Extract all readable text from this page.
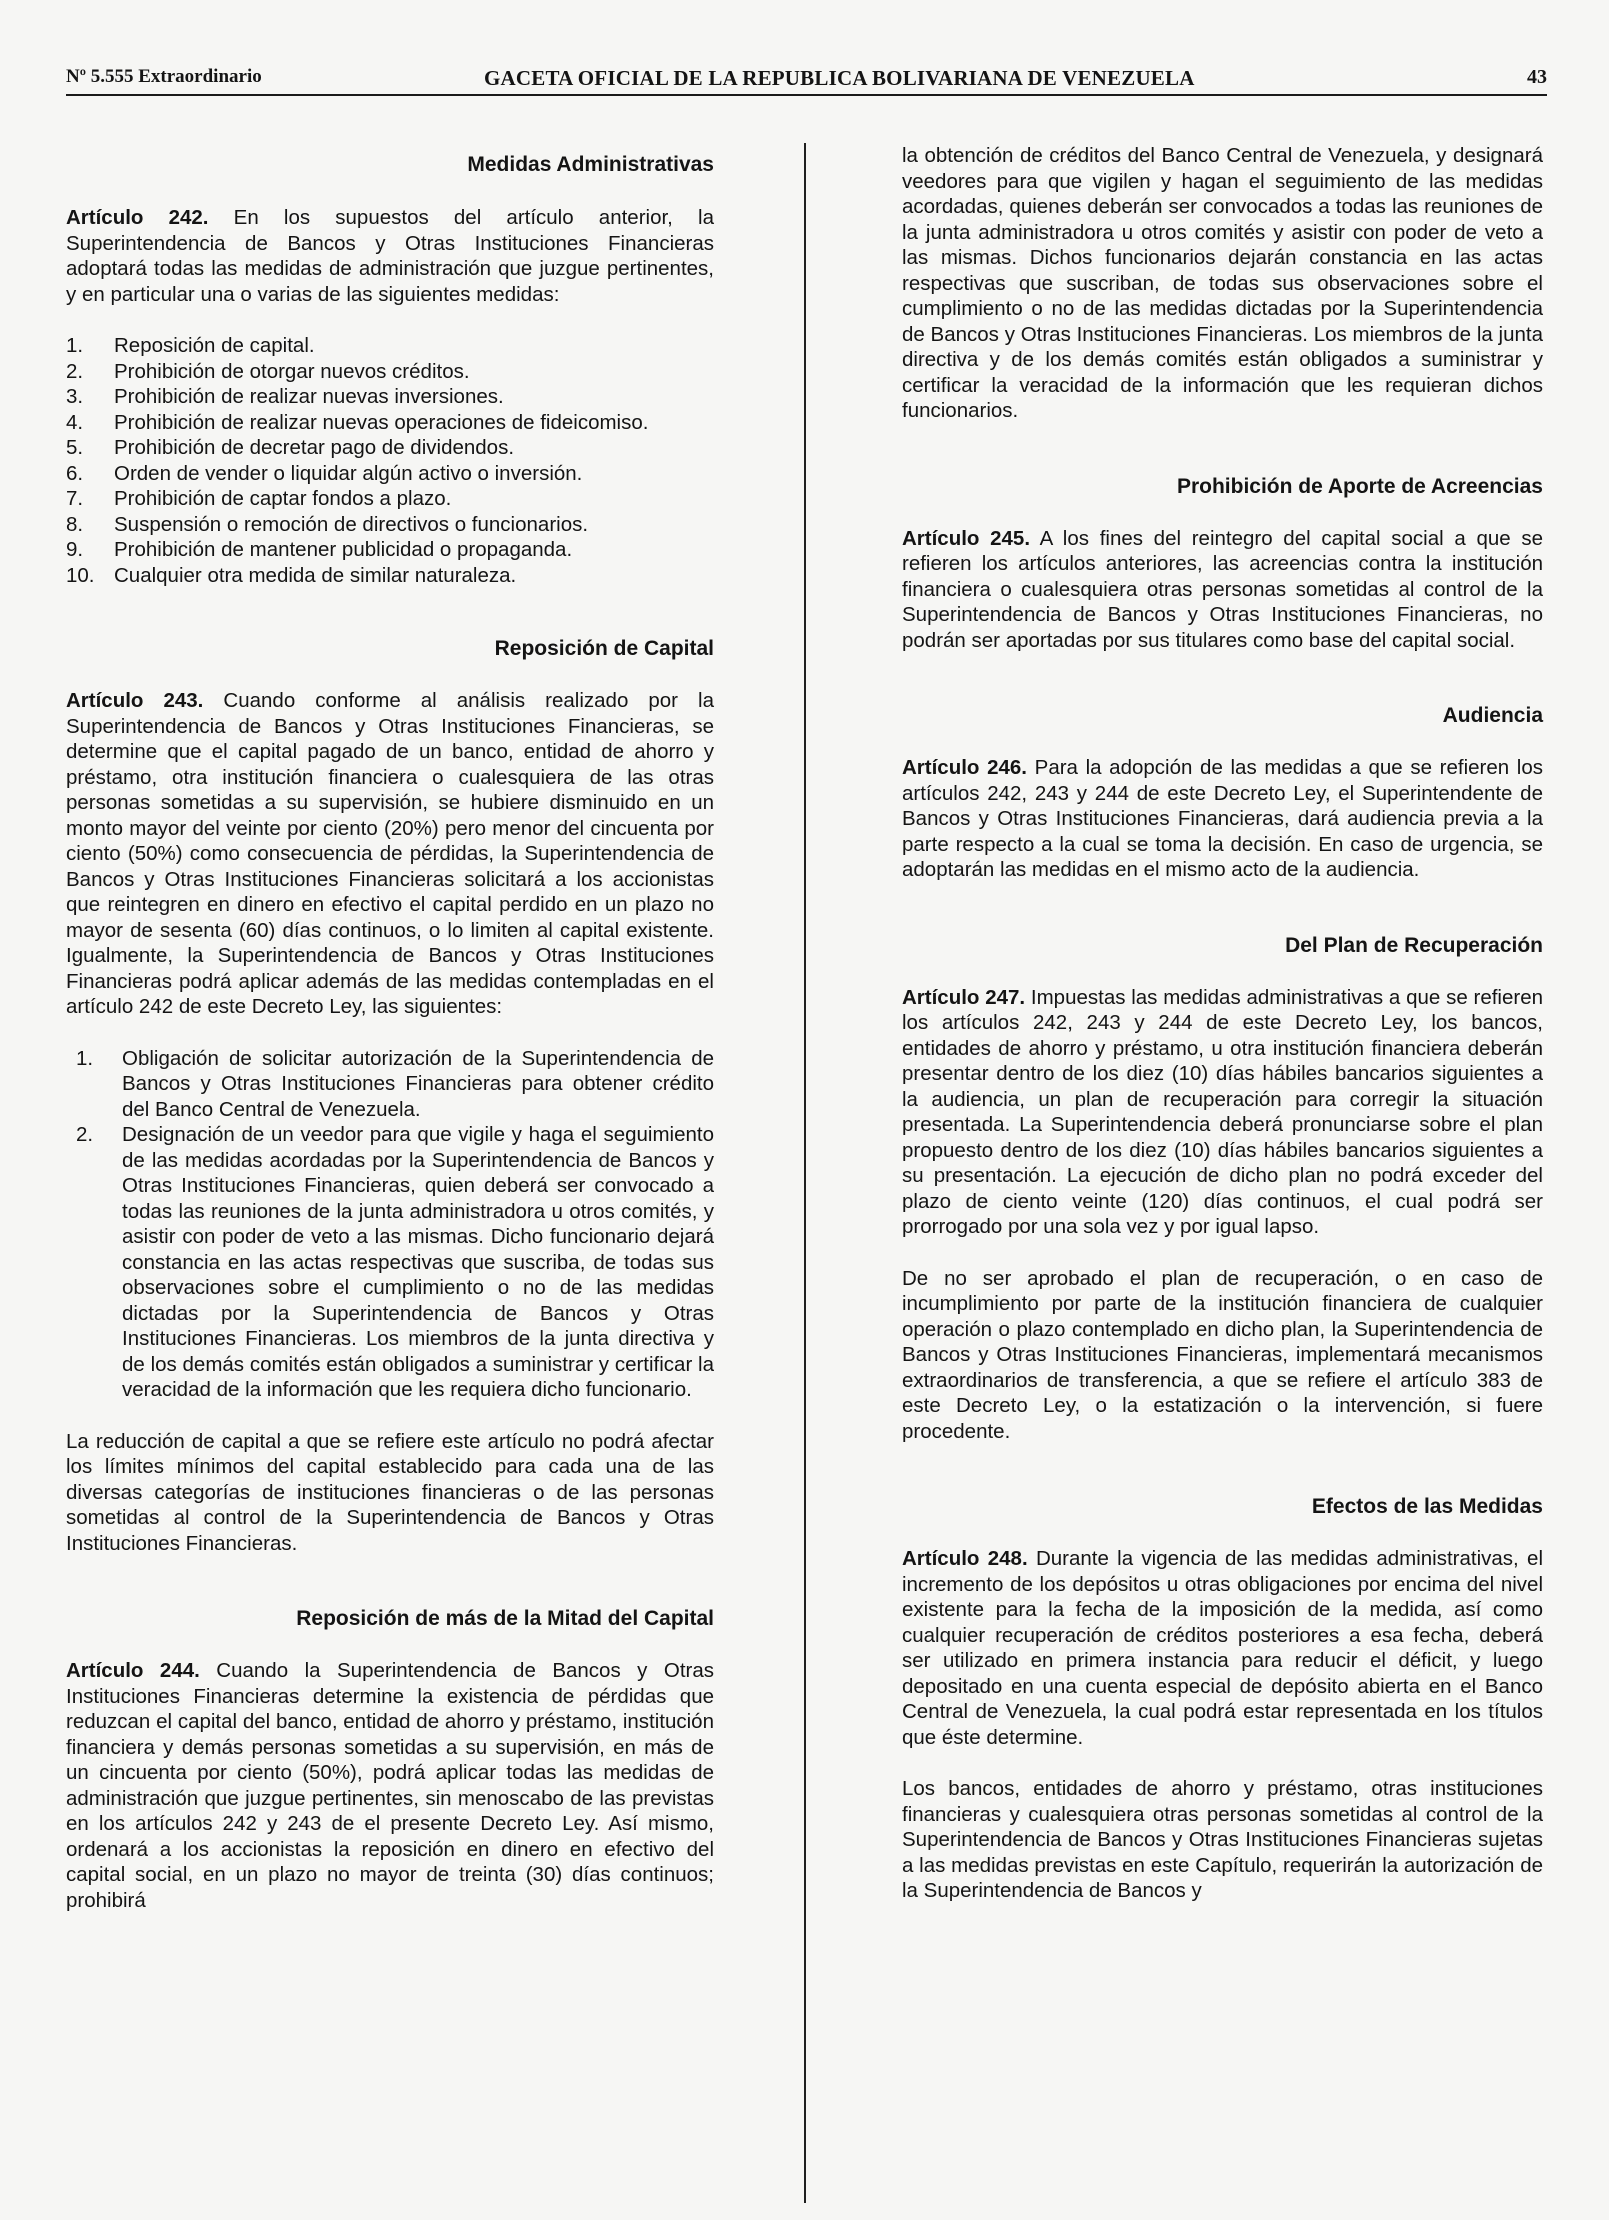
Nº 5.555 Extraordinario	GACETA OFICIAL DE LA REPUBLICA BOLIVARIANA DE VENEZUELA	43

Medidas Administrativas

Artículo 242. En los supuestos del artículo anterior, la Superintendencia de Bancos y Otras Instituciones Financieras adoptará todas las medidas de administración que juzgue pertinentes, y en particular una o varias de las siguientes medidas:

1. Reposición de capital.
2. Prohibición de otorgar nuevos créditos.
3. Prohibición de realizar nuevas inversiones.
4. Prohibición de realizar nuevas operaciones de fideicomiso.
5. Prohibición de decretar pago de dividendos.
6. Orden de vender o liquidar algún activo o inversión.
7. Prohibición de captar fondos a plazo.
8. Suspensión o remoción de directivos o funcionarios.
9. Prohibición de mantener publicidad o propaganda.
10. Cualquier otra medida de similar naturaleza.

Reposición de Capital

Artículo 243. Cuando conforme al análisis realizado por la Superintendencia de Bancos y Otras Instituciones Financieras, se determine que el capital pagado de un banco, entidad de ahorro y préstamo, otra institución financiera o cualesquiera de las otras personas sometidas a su supervisión, se hubiere disminuido en un monto mayor del veinte por ciento (20%) pero menor del cincuenta por ciento (50%) como consecuencia de pérdidas, la Superintendencia de Bancos y Otras Instituciones Financieras solicitará a los accionistas que reintegren en dinero en efectivo el capital perdido en un plazo no mayor de sesenta (60) días continuos, o lo limiten al capital existente. Igualmente, la Superintendencia de Bancos y Otras Instituciones Financieras podrá aplicar además de las medidas contempladas en el artículo 242 de este Decreto Ley, las siguientes:

1. Obligación de solicitar autorización de la Superintendencia de Bancos y Otras Instituciones Financieras para obtener crédito del Banco Central de Venezuela.
2. Designación de un veedor para que vigile y haga el seguimiento de las medidas acordadas por la Superintendencia de Bancos y Otras Instituciones Financieras, quien deberá ser convocado a todas las reuniones de la junta administradora u otros comités, y asistir con poder de veto a las mismas. Dicho funcionario dejará constancia en las actas respectivas que suscriba, de todas sus observaciones sobre el cumplimiento o no de las medidas dictadas por la Superintendencia de Bancos y Otras Instituciones Financieras. Los miembros de la junta directiva y de los demás comités están obligados a suministrar y certificar la veracidad de la información que les requiera dicho funcionario.

La reducción de capital a que se refiere este artículo no podrá afectar los límites mínimos del capital establecido para cada una de las diversas categorías de instituciones financieras o de las personas sometidas al control de la Superintendencia de Bancos y Otras Instituciones Financieras.

Reposición de más de la Mitad del Capital

Artículo 244. Cuando la Superintendencia de Bancos y Otras Instituciones Financieras determine la existencia de pérdidas que reduzcan el capital del banco, entidad de ahorro y préstamo, institución financiera y demás personas sometidas a su supervisión, en más de un cincuenta por ciento (50%), podrá aplicar todas las medidas de administración que juzgue pertinentes, sin menoscabo de las previstas en los artículos 242 y 243 de el presente Decreto Ley. Así mismo, ordenará a los accionistas la reposición en dinero en efectivo del capital social, en un plazo no mayor de treinta (30) días continuos; prohibirá

la obtención de créditos del Banco Central de Venezuela, y designará veedores para que vigilen y hagan el seguimiento de las medidas acordadas, quienes deberán ser convocados a todas las reuniones de la junta administradora u otros comités y asistir con poder de veto a las mismas. Dichos funcionarios dejarán constancia en las actas respectivas que suscriban, de todas sus observaciones sobre el cumplimiento o no de las medidas dictadas por la Superintendencia de Bancos y Otras Instituciones Financieras. Los miembros de la junta directiva y de los demás comités están obligados a suministrar y certificar la veracidad de la información que les requieran dichos funcionarios.

Prohibición de Aporte de Acreencias

Artículo 245. A los fines del reintegro del capital social a que se refieren los artículos anteriores, las acreencias contra la institución financiera o cualesquiera otras personas sometidas al control de la Superintendencia de Bancos y Otras Instituciones Financieras, no podrán ser aportadas por sus titulares como base del capital social.

Audiencia

Artículo 246. Para la adopción de las medidas a que se refieren los artículos 242, 243 y 244 de este Decreto Ley, el Superintendente de Bancos y Otras Instituciones Financieras, dará audiencia previa a la parte respecto a la cual se toma la decisión. En caso de urgencia, se adoptarán las medidas en el mismo acto de la audiencia.

Del Plan de Recuperación

Artículo 247. Impuestas las medidas administrativas a que se refieren los artículos 242, 243 y 244 de este Decreto Ley, los bancos, entidades de ahorro y préstamo, u otra institución financiera deberán presentar dentro de los diez (10) días hábiles bancarios siguientes a la audiencia, un plan de recuperación para corregir la situación presentada. La Superintendencia deberá pronunciarse sobre el plan propuesto dentro de los diez (10) días hábiles bancarios siguientes a su presentación. La ejecución de dicho plan no podrá exceder del plazo de ciento veinte (120) días continuos, el cual podrá ser prorrogado por una sola vez y por igual lapso.

De no ser aprobado el plan de recuperación, o en caso de incumplimiento por parte de la institución financiera de cualquier operación o plazo contemplado en dicho plan, la Superintendencia de Bancos y Otras Instituciones Financieras, implementará mecanismos extraordinarios de transferencia, a que se refiere el artículo 383 de este Decreto Ley, o la estatización o la intervención, si fuere procedente.

Efectos de las Medidas

Artículo 248. Durante la vigencia de las medidas administrativas, el incremento de los depósitos u otras obligaciones por encima del nivel existente para la fecha de la imposición de la medida, así como cualquier recuperación de créditos posteriores a esa fecha, deberá ser utilizado en primera instancia para reducir el déficit, y luego depositado en una cuenta especial de depósito abierta en el Banco Central de Venezuela, la cual podrá estar representada en los títulos que éste determine.

Los bancos, entidades de ahorro y préstamo, otras instituciones financieras y cualesquiera otras personas sometidas al control de la Superintendencia de Bancos y Otras Instituciones Financieras sujetas a las medidas previstas en este Capítulo, requerirán la autorización de la Superintendencia de Bancos y
